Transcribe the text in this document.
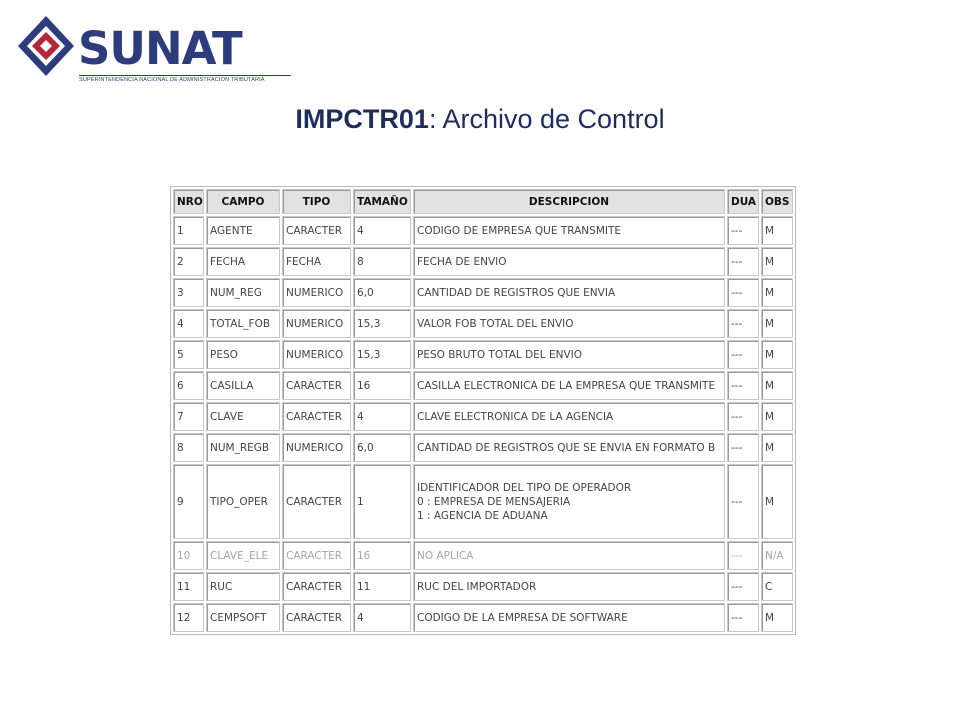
SUNAT
SUPERINTENDENCIA NACIONAL DE ADMINISTRACION TRIBUTARIA
IMPCTR01: Archivo de Control
NRO	CAMPO	TIPO	TAMAÑO	DESCRIPCION	DUA	OBS
1	AGENTE	CARACTER	4	CODIGO DE EMPRESA QUE TRANSMITE	---	M
2	FECHA	FECHA	8	FECHA DE ENVIO	---	M
3	NUM_REG	NUMERICO	6,0	CANTIDAD DE REGISTROS QUE ENVIA	---	M
4	TOTAL_FOB	NUMERICO	15,3	VALOR FOB TOTAL DEL ENVIO	---	M
5	PESO	NUMERICO	15,3	PESO BRUTO TOTAL DEL ENVIO	---	M
6	CASILLA	CARACTER	16	CASILLA ELECTRONICA DE LA EMPRESA QUE TRANSMITE	---	M
7	CLAVE	CARACTER	4	CLAVE ELECTRONICA DE LA AGENCIA	---	M
8	NUM_REGB	NUMERICO	6,0	CANTIDAD DE REGISTROS QUE SE ENVIA EN FORMATO B	---	M
9	TIPO_OPER	CARACTER	1	IDENTIFICADOR DEL TIPO DE OPERADOR
0 : EMPRESA DE MENSAJERIA
1 : AGENCIA DE ADUANA	---	M
10	CLAVE_ELE	CARACTER	16	NO APLICA	---	N/A
11	RUC	CARACTER	11	RUC DEL IMPORTADOR	---	C
12	CEMPSOFT	CARACTER	4	CODIGO DE LA EMPRESA DE SOFTWARE	---	M
